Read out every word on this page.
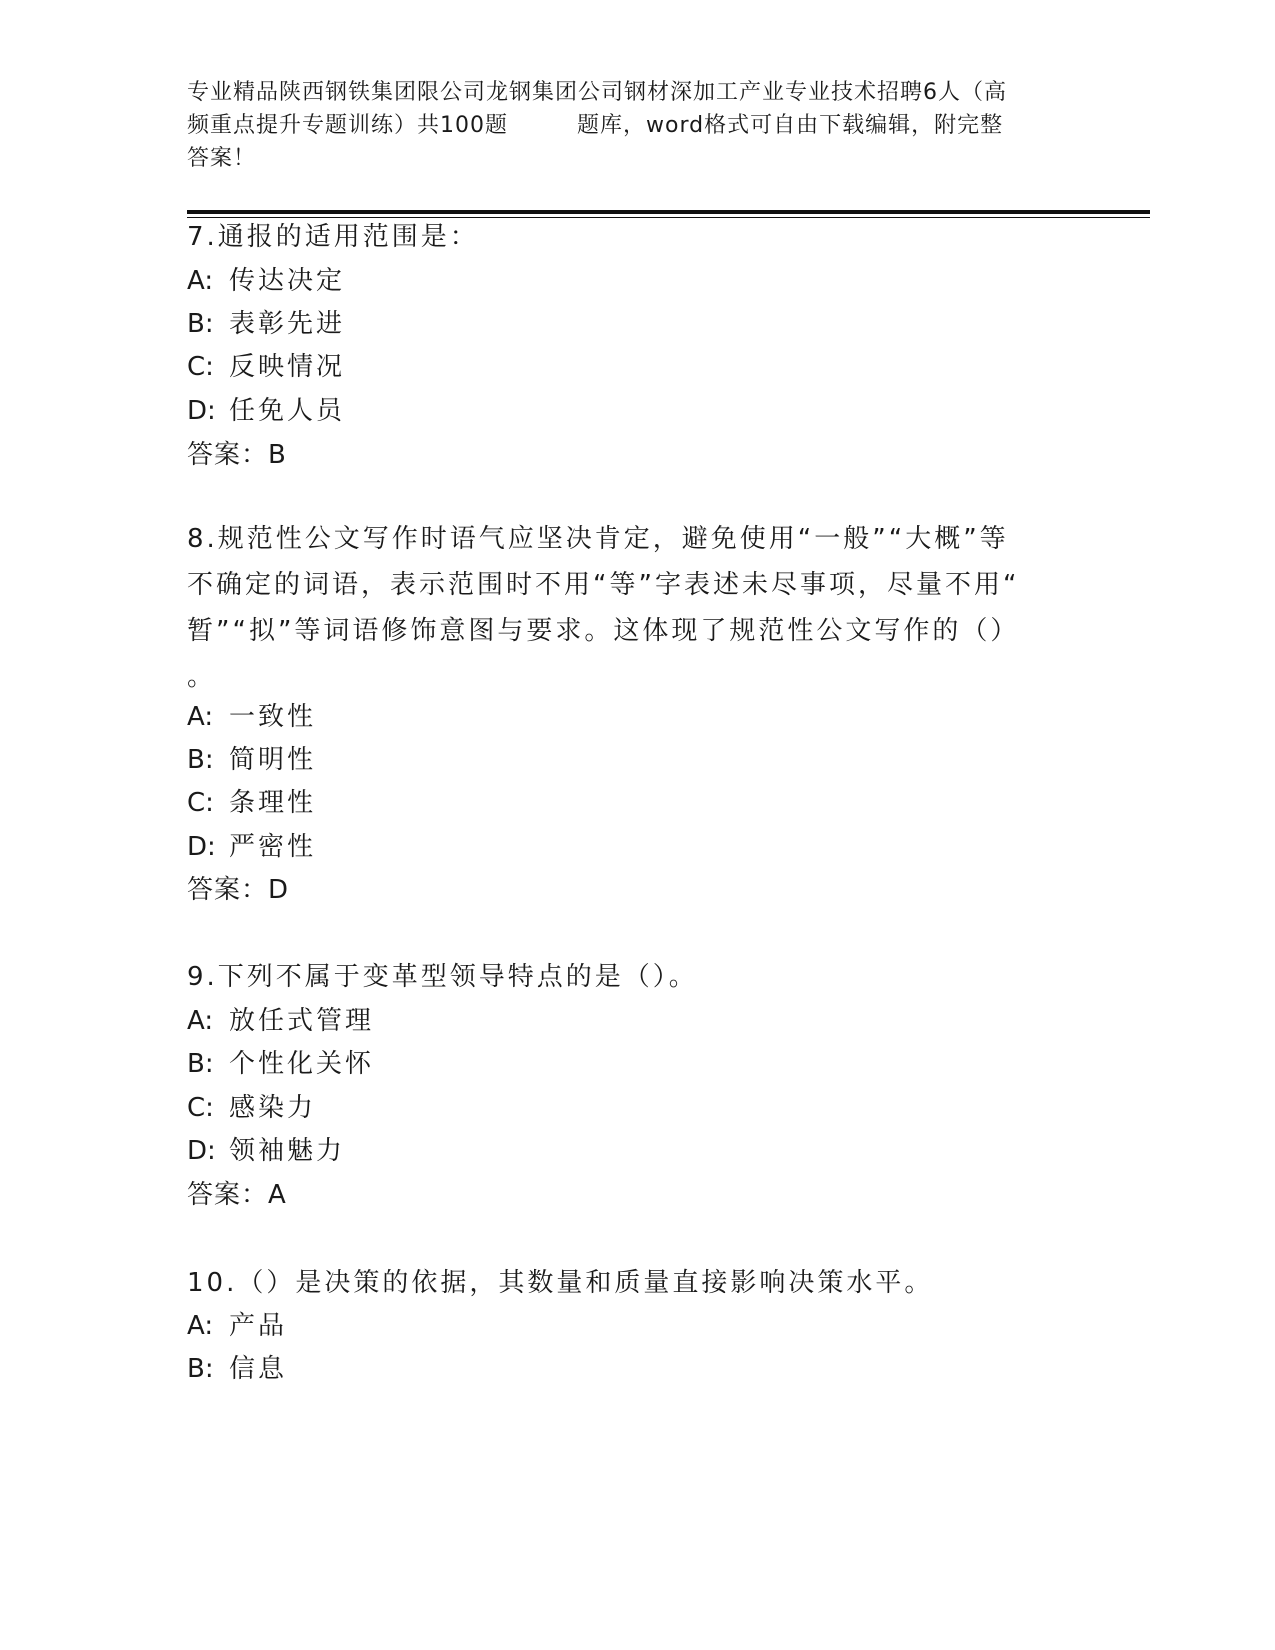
专业精品陕西钢铁集团限公司龙钢集团公司钢材深加工产业专业技术招聘6人（高
频重点提升专题训练）共100题　　　题库，word格式可自由下载编辑，附完整
答案！
7.通报的适用范围是：
A: 传达决定
B: 表彰先进
C: 反映情况
D: 任免人员
答案：B
8.规范性公文写作时语气应坚决肯定，避免使用“一般”“大概”等
不确定的词语，表示范围时不用“等”字表述未尽事项，尽量不用“
暂”“拟”等词语修饰意图与要求。这体现了规范性公文写作的（）
。
A: 一致性
B: 简明性
C: 条理性
D: 严密性
答案：D
9.下列不属于变革型领导特点的是（）。
A: 放任式管理
B: 个性化关怀
C: 感染力
D: 领袖魅力
答案：A
10.（）是决策的依据，其数量和质量直接影响决策水平。
A: 产品
B: 信息
